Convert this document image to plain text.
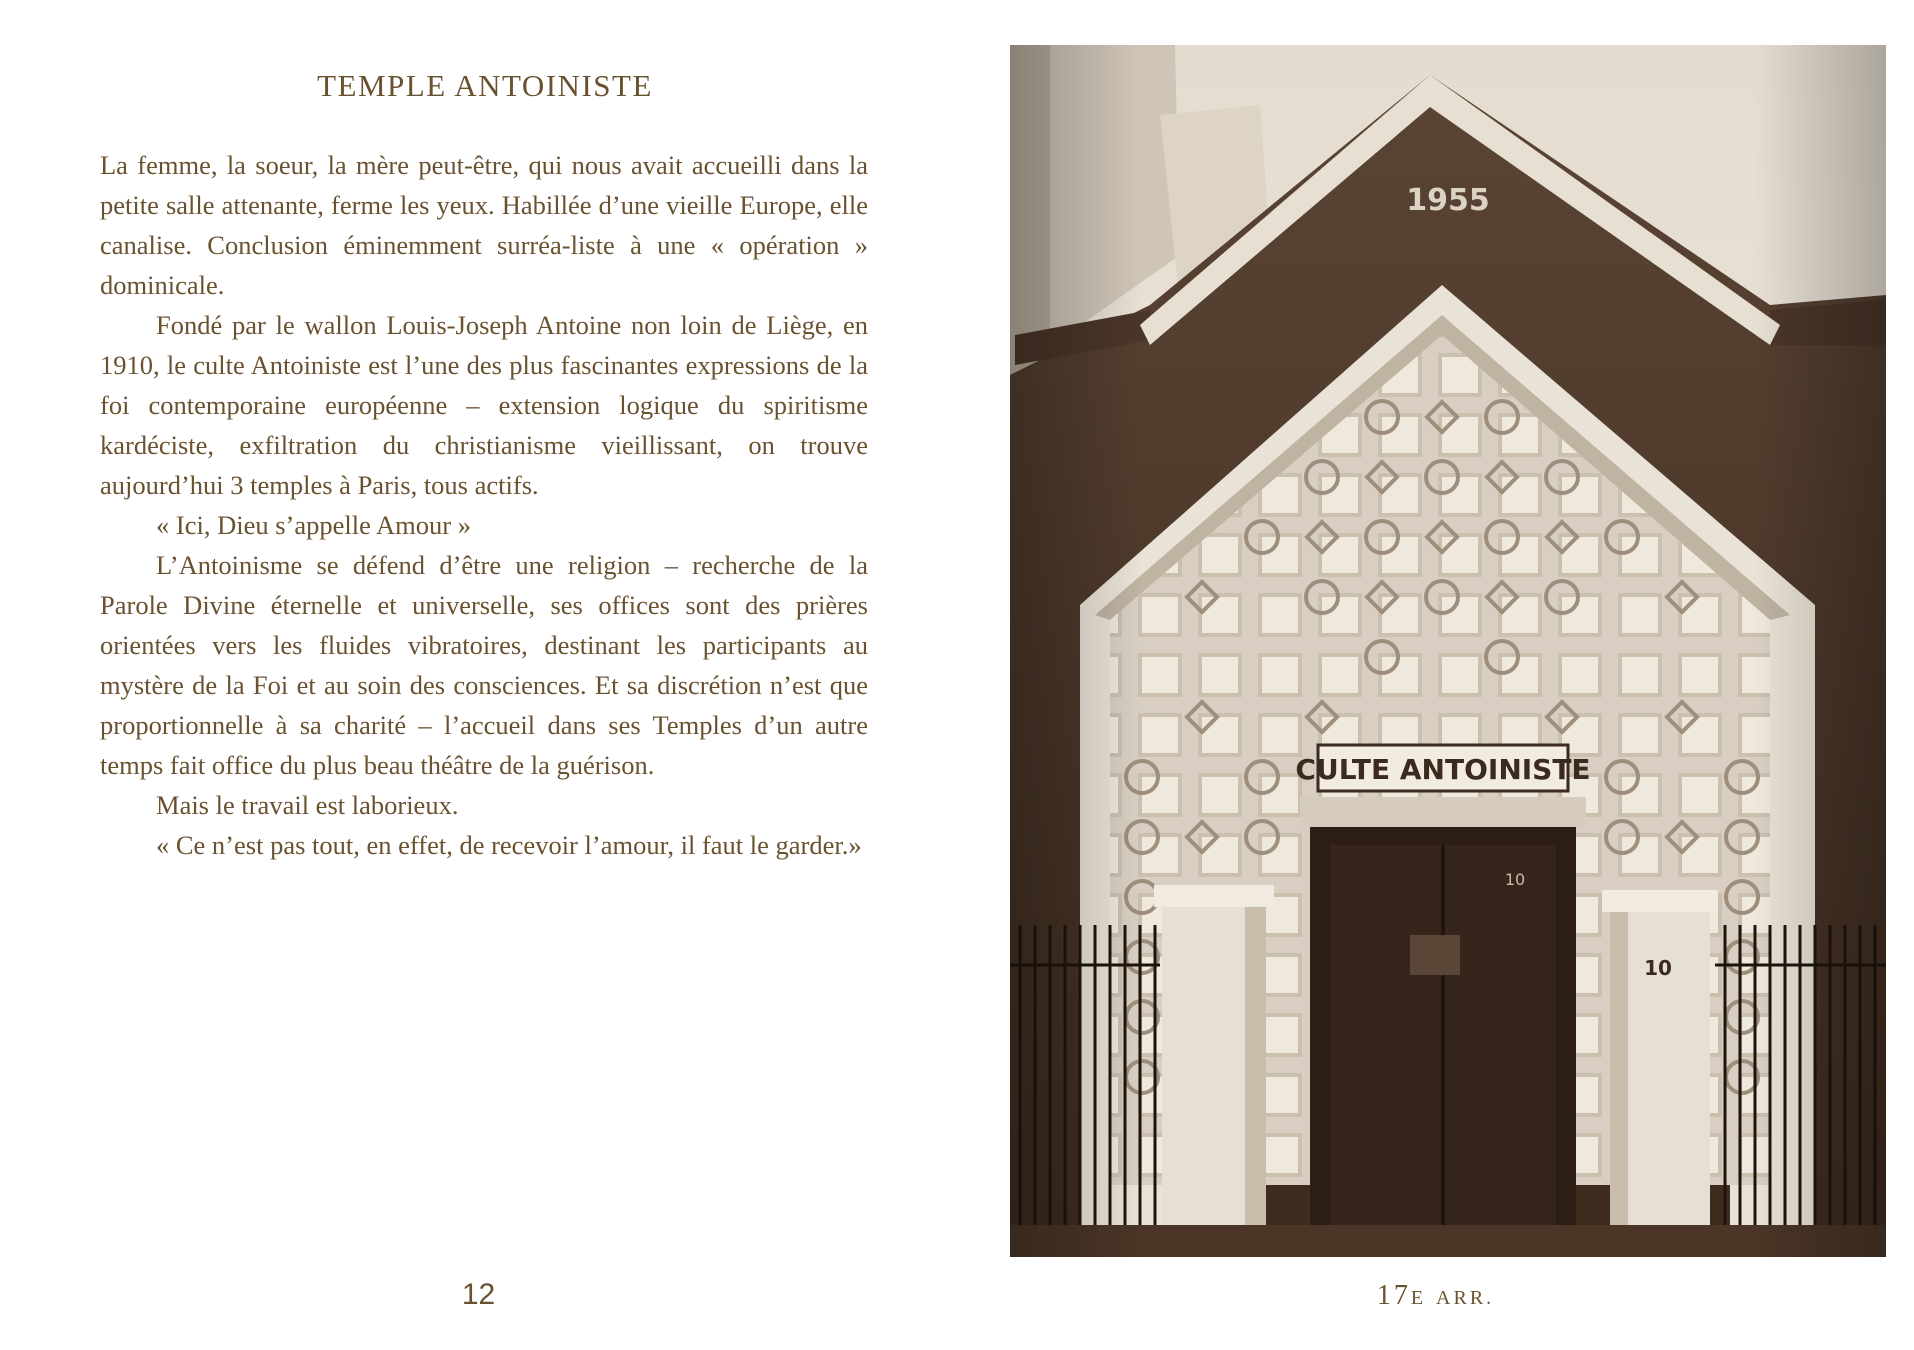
TEMPLE ANTOINISTE

La femme, la soeur, la mère peut-être, qui nous avait accueilli dans la petite salle attenante, ferme les yeux. Habillée d’une vieille Europe, elle canalise. Conclusion éminemment surréa-liste à une « opération » dominicale.

Fondé par le wallon Louis-Joseph Antoine non loin de Liège, en 1910, le culte Antoiniste est l’une des plus fascinantes expressions de la foi contemporaine européenne – extension logique du spiritisme kardéciste, exfiltration du christianisme vieillissant, on trouve aujourd’hui 3 temples à Paris, tous actifs.

« Ici, Dieu s’appelle Amour »

L’Antoinisme se défend d’être une religion – recherche de la Parole Divine éternelle et universelle, ses offices sont des prières orientées vers les fluides vibratoires, destinant les participants au mystère de la Foi et au soin des consciences. Et sa discrétion n’est que proportionnelle à sa charité – l’accueil dans ses Temples d’un autre temps fait office du plus beau théâtre de la guérison.

Mais le travail est laborieux.

« Ce n’est pas tout, en effet, de recevoir l’amour, il faut le garder.»

12	17E ARR.
